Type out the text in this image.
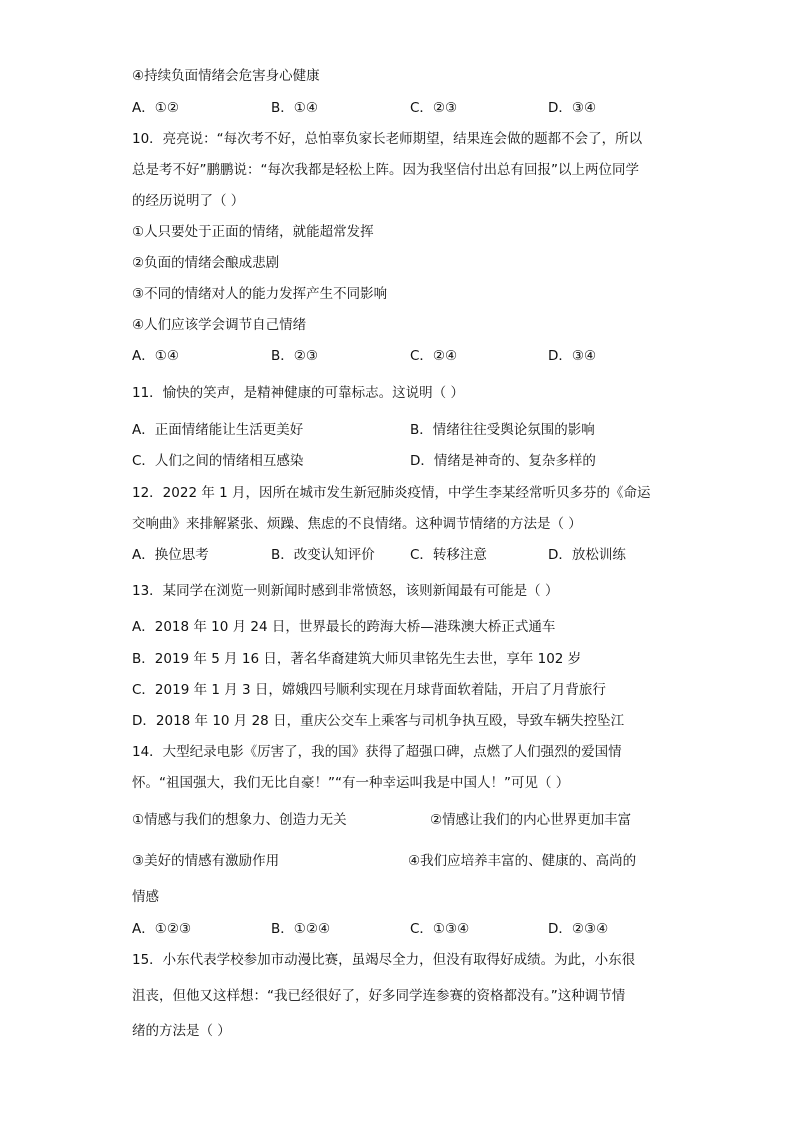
④持续负面情绪会危害身心健康
A．①②	B．①④	C．②③	D．③④
10．亮亮说：“每次考不好，总怕辜负家长老师期望，结果连会做的题都不会了，所以
总是考不好”鹏鹏说：“每次我都是轻松上阵。因为我坚信付出总有回报”以上两位同学
的经历说明了（ ）
①人只要处于正面的情绪，就能超常发挥
②负面的情绪会酿成悲剧
③不同的情绪对人的能力发挥产生不同影响
④人们应该学会调节自己情绪
A．①④	B．②③	C．②④	D．③④
11．愉快的笑声，是精神健康的可靠标志。这说明（ ）
A．正面情绪能让生活更美好	B．情绪往往受舆论氛围的影响
C．人们之间的情绪相互感染	D．情绪是神奇的、复杂多样的
12．2022 年 1 月，因所在城市发生新冠肺炎疫情，中学生李某经常听贝多芬的《命运
交响曲》来排解紧张、烦躁、焦虑的不良情绪。这种调节情绪的方法是（ ）
A．换位思考	B．改变认知评价	C．转移注意	D．放松训练
13．某同学在浏览一则新闻时感到非常愤怒，该则新闻最有可能是（ ）
A．2018 年 10 月 24 日，世界最长的跨海大桥—港珠澳大桥正式通车
B．2019 年 5 月 16 日，著名华裔建筑大师贝聿铭先生去世，享年 102 岁
C．2019 年 1 月 3 日，嫦娥四号顺利实现在月球背面软着陆，开启了月背旅行
D．2018 年 10 月 28 日，重庆公交车上乘客与司机争执互殴，导致车辆失控坠江
14．大型纪录电影《厉害了，我的国》获得了超强口碑，点燃了人们强烈的爱国情
怀。“祖国强大，我们无比自豪！”“有一种幸运叫我是中国人！”可见（ ）
①情感与我们的想象力、创造力无关	②情感让我们的内心世界更加丰富
③美好的情感有激励作用	④我们应培养丰富的、健康的、高尚的
情感
A．①②③	B．①②④	C．①③④	D．②③④
15．小东代表学校参加市动漫比赛，虽竭尽全力，但没有取得好成绩。为此，小东很
沮丧，但他又这样想：“我已经很好了，好多同学连参赛的资格都没有。”这种调节情
绪的方法是（ ）
